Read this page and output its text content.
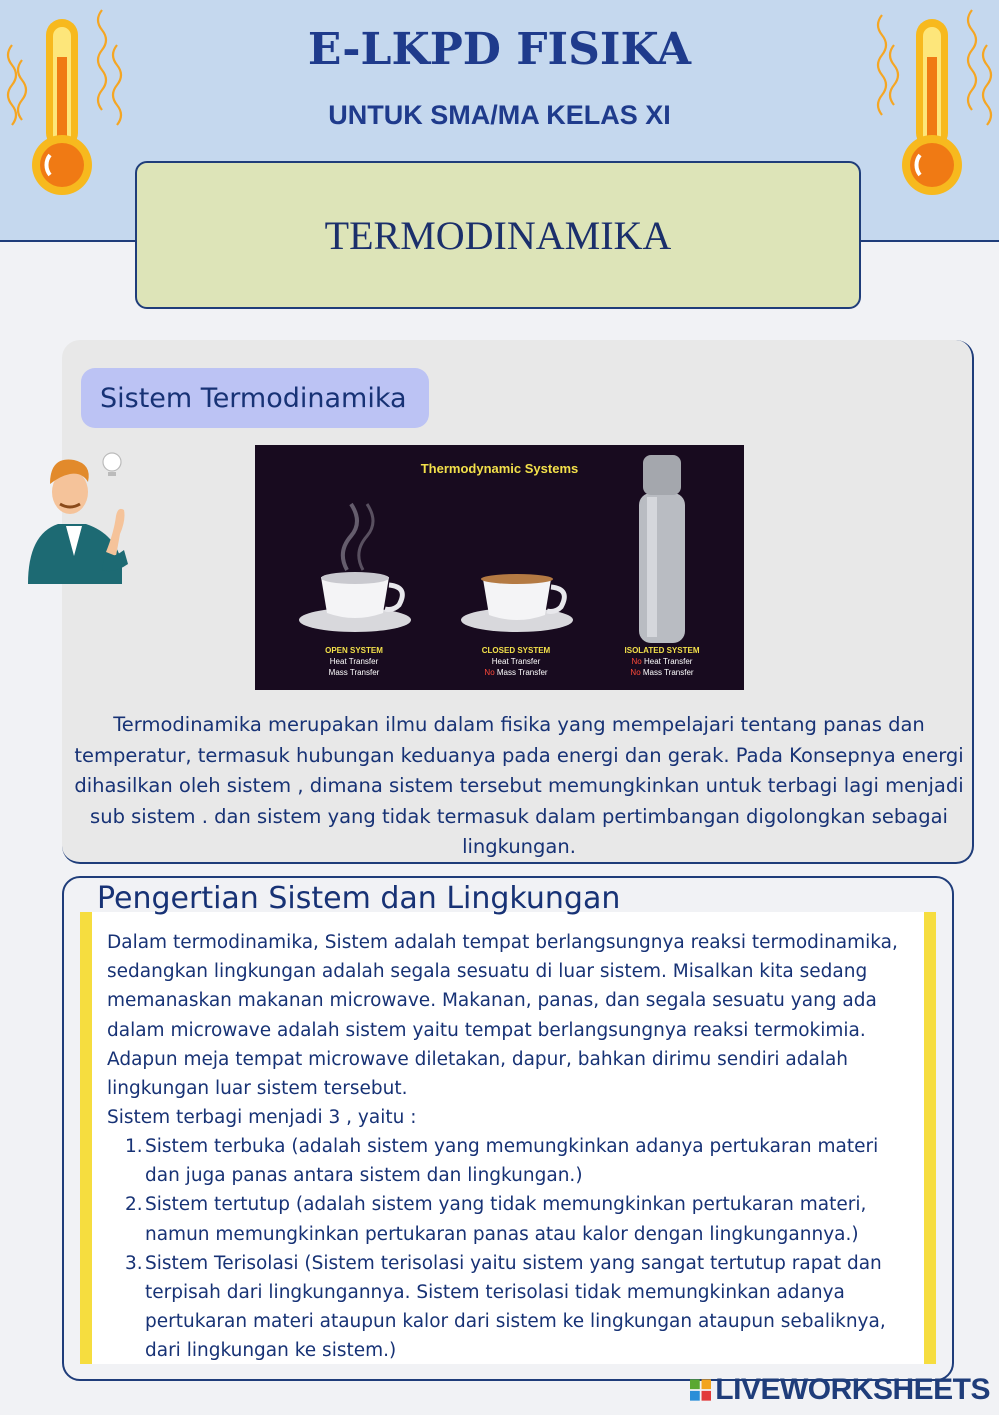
E-LKPD FISIKA
UNTUK SMA/MA KELAS XI
TERMODINAMIKA
Sistem Termodinamika
Thermodynamic Systems
OPEN SYSTEM
Heat Transfer
Mass Transfer
CLOSED SYSTEM
Heat Transfer
No Mass Transfer
ISOLATED SYSTEM
No Heat Transfer
No Mass Transfer

Termodinamika merupakan ilmu dalam fisika yang mempelajari tentang panas dan temperatur, termasuk hubungan keduanya pada energi dan gerak. Pada Konsepnya energi dihasilkan oleh sistem , dimana sistem tersebut memungkinkan untuk terbagi lagi menjadi sub sistem . dan sistem yang tidak termasuk dalam pertimbangan digolongkan sebagai lingkungan.

Pengertian Sistem dan Lingkungan

Dalam termodinamika, Sistem adalah tempat berlangsungnya reaksi termodinamika, sedangkan lingkungan adalah segala sesuatu di luar sistem. Misalkan kita sedang memanaskan makanan microwave. Makanan, panas, dan segala sesuatu yang ada dalam microwave adalah sistem yaitu tempat berlangsungnya reaksi termokimia. Adapun meja tempat microwave diletakan, dapur, bahkan dirimu sendiri adalah lingkungan luar sistem tersebut.
Sistem terbagi menjadi 3 , yaitu :

1. Sistem terbuka (adalah sistem yang memungkinkan adanya pertukaran materi dan juga panas antara sistem dan lingkungan.)
2. Sistem tertutup (adalah sistem yang tidak memungkinkan pertukaran materi, namun memungkinkan pertukaran panas atau kalor dengan lingkungannya.)
3. Sistem Terisolasi (Sistem terisolasi yaitu sistem yang sangat tertutup rapat dan terpisah dari lingkungannya. Sistem terisolasi tidak memungkinkan adanya pertukaran materi ataupun kalor dari sistem ke lingkungan ataupun sebaliknya, dari lingkungan ke sistem.)
LIVEWORKSHEETS
